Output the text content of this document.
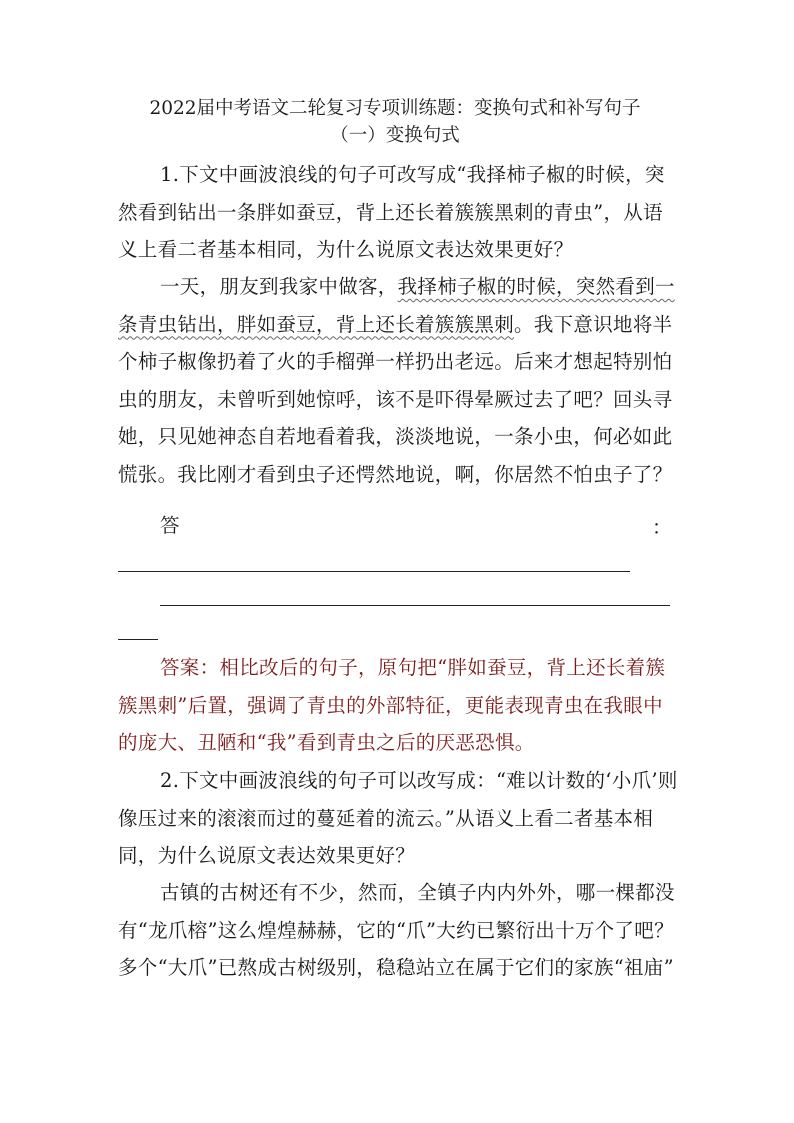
2022届中考语文二轮复习专项训练题：变换句式和补写句子
（一）变换句式

1.下文中画波浪线的句子可改写成“我择柿子椒的时候，突然看到钻出一条胖如蚕豆，背上还长着簇簇黑刺的青虫”，从语义上看二者基本相同，为什么说原文表达效果更好？

一天，朋友到我家中做客，我择柿子椒的时候，突然看到一条青虫钻出，胖如蚕豆，背上还长着簇簇黑刺。我下意识地将半个柿子椒像扔着了火的手榴弹一样扔出老远。后来才想起特别怕虫的朋友，未曾听到她惊呼，该不是吓得晕厥过去了吧？回头寻她，只见她神态自若地看着我，淡淡地说，一条小虫，何必如此慌张。我比刚才看到虫子还愕然地说，啊，你居然不怕虫子了？

答	：

答案：相比改后的句子，原句把“胖如蚕豆，背上还长着簇簇黑刺”后置，强调了青虫的外部特征，更能表现青虫在我眼中的庞大、丑陋和“我”看到青虫之后的厌恶恐惧。

2.下文中画波浪线的句子可以改写成：“难以计数的‘小爪’则像压过来的滚滚而过的蔓延着的流云。”从语义上看二者基本相同，为什么说原文表达效果更好？

古镇的古树还有不少，然而，全镇子内内外外，哪一棵都没有“龙爪榕”这么煌煌赫赫，它的“爪”大约已繁衍出十万个了吧？多个“大爪”已熬成古树级别，稳稳站立在属于它们的家族“祖庙”
